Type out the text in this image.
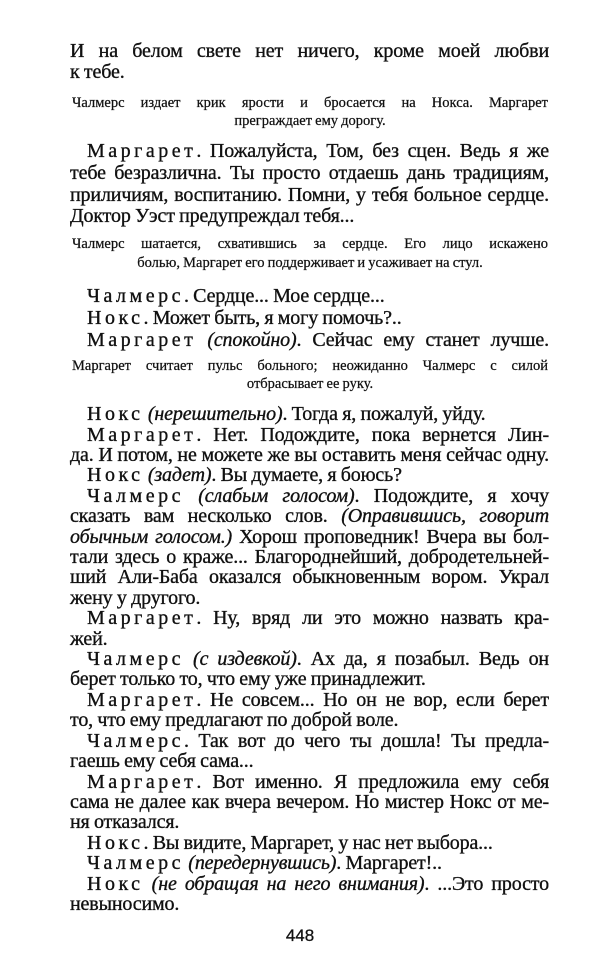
И на белом свете нет ничего, кроме моей любви
к тебе.
Чалмерс издает крик ярости и бросается на Нокса. Маргарет
преграждает ему дорогу.
Маргарет. Пожалуйста, Том, без сцен. Ведь я же
тебе безразлична. Ты просто отдаешь дань традициям,
приличиям, воспитанию. Помни, у тебя больное сердце.
Доктор Уэст предупреждал тебя...
Чалмерс шатается, схватившись за сердце. Его лицо искажено
болью, Маргарет его поддерживает и усаживает на стул.
Чалмерс. Сердце... Мое сердце...
Нокс. Может быть, я могу помочь?..
Маргарет (спокойно). Сейчас ему станет лучше.
Маргарет считает пульс больного; неожиданно Чалмерс с силой
отбрасывает ее руку.
Нокс (нерешительно). Тогда я, пожалуй, уйду.
Маргарет. Нет. Подождите, пока вернется Лин-
да. И потом, не можете же вы оставить меня сейчас одну.
Нокс (задет). Вы думаете, я боюсь?
Чалмерс (слабым голосом). Подождите, я хочу
сказать вам несколько слов. (Оправившись, говорит
обычным голосом.) Хорош проповедник! Вчера вы бол-
тали здесь о краже... Благороднейший, добродетельней-
ший Али-Баба оказался обыкновенным вором. Украл
жену у другого.
Маргарет. Ну, вряд ли это можно назвать кра-
жей.
Чалмерс (с издевкой). Ах да, я позабыл. Ведь он
берет только то, что ему уже принадлежит.
Маргарет. Не совсем... Но он не вор, если берет
то, что ему предлагают по доброй воле.
Чалмерс. Так вот до чего ты дошла! Ты предла-
гаешь ему себя сама...
Маргарет. Вот именно. Я предложила ему себя
сама не далее как вчера вечером. Но мистер Нокс от ме-
ня отказался.
Нокс. Вы видите, Маргарет, у нас нет выбора...
Чалмерс (передернувшись). Маргарет!..
Нокс (не обращая на него внимания). ...Это просто
невыносимо.
448
